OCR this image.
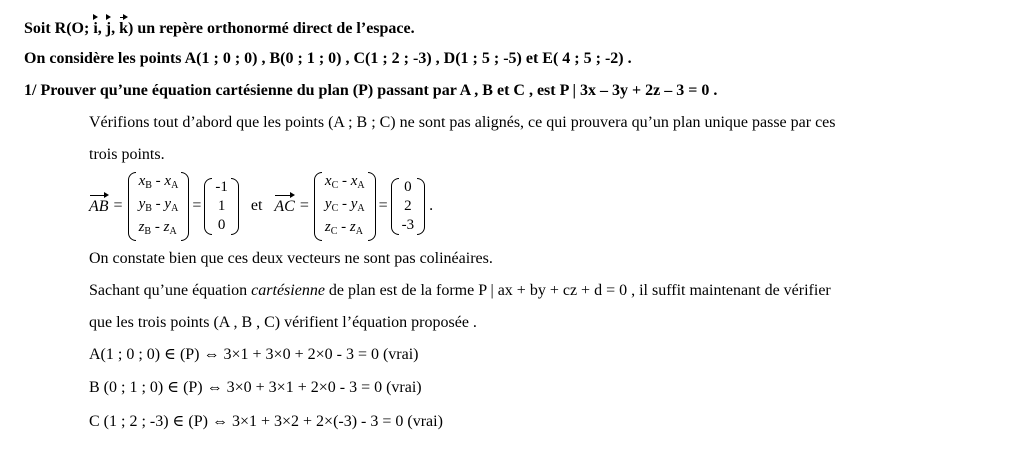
Soit R(O; i, j, k) un repère orthonormé direct de l’espace.
On considère les points A(1 ; 0 ; 0) , B(0 ; 1 ; 0) , C(1 ; 2 ; -3) , D(1 ; 5 ; -5) et E( 4 ; 5 ; -2) .
1/ Prouver qu’une équation cartésienne du plan (P) passant par A , B et C , est P | 3x – 3y + 2z – 3 = 0 .
Vérifions tout d’abord que les points (A ; B ; C) ne sont pas alignés, ce qui prouvera qu’un plan unique passe par ces
trois points.
AB =
$x_B - x_A$
$y_B - y_A$
$z_B - z_A$
=
-1
1
0
et AC =
$x_C - x_A$
$y_C - y_A$
$z_C - z_A$
=
0
2
-3
.
On constate bien que ces deux vecteurs ne sont pas colinéaires.
Sachant qu’une équation cartésienne de plan est de la forme P | ax + by + cz + d = 0 , il suffit maintenant de vérifier
que les trois points (A , B , C) vérifient l’équation proposée .
A(1 ; 0 ; 0) ∈ (P) ⇔ 3×1 + 3×0 + 2×0 - 3 = 0 (vrai)
B (0 ; 1 ; 0) ∈ (P) ⇔ 3×0 + 3×1 + 2×0 - 3 = 0 (vrai)
C (1 ; 2 ; -3) ∈ (P) ⇔ 3×1 + 3×2 + 2×(-3) - 3 = 0 (vrai)
